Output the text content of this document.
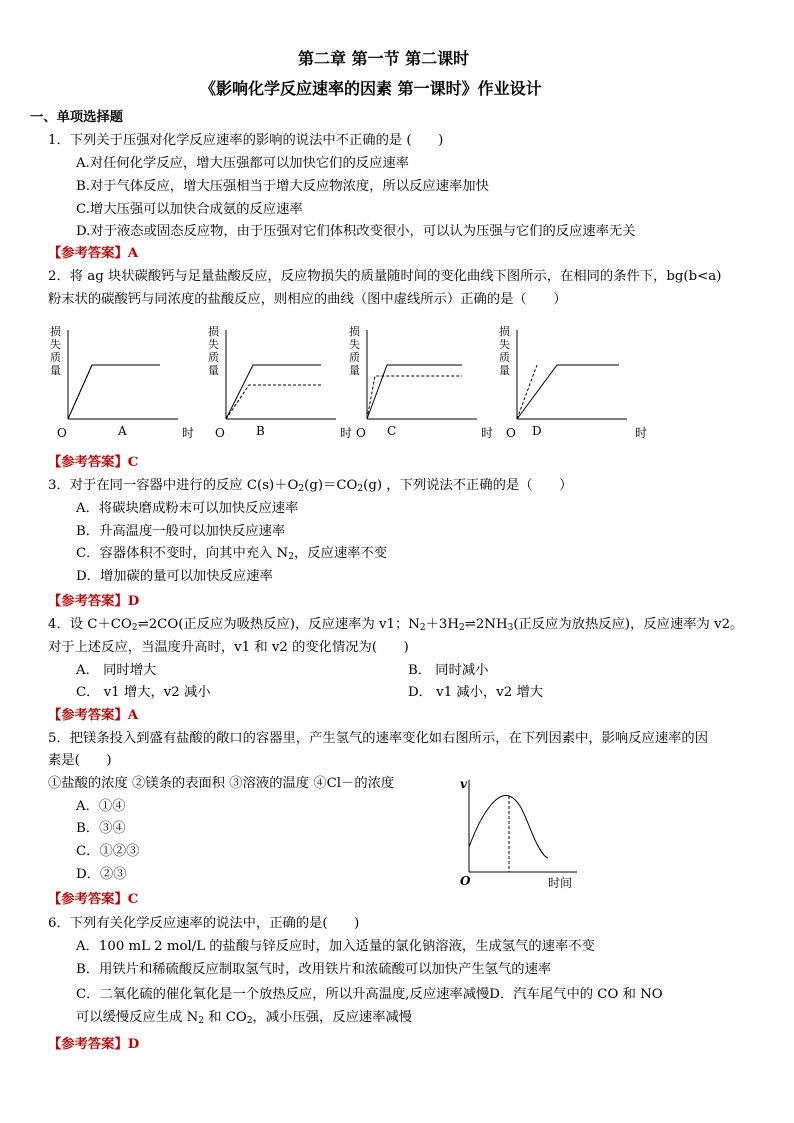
第二章 第一节 第二课时
《影响化学反应速率的因素 第一课时》作业设计
一、单项选择题
1．下列关于压强对化学反应速率的影响的说法中不正确的是 (　　)
A.对任何化学反应，增大压强都可以加快它们的反应速率
B.对于气体反应，增大压强相当于增大反应物浓度，所以反应速率加快
C.增大压强可以加快合成氨的反应速率
D.对于液态或固态反应物，由于压强对它们体积改变很小，可以认为压强与它们的反应速率无关
【参考答案】A
2．将 ag 块状碳酸钙与足量盐酸反应，反应物损失的质量随时间的变化曲线下图所示，在相同的条件下，bg(b<a)
粉末状的碳酸钙与同浓度的盐酸反应，则相应的曲线（图中虚线所示）正确的是（　　）
损失质量
O	A	时
损失质量
O	B	时
损失质量
O C	时
损失质量
O D	时
【参考答案】C
3．对于在同一容器中进行的反应 $C(s)+O_2(g)=CO_2(g)$ ，下列说法不正确的是（　　）
A．将碳块磨成粉末可以加快反应速率
B．升高温度一般可以加快反应速率
C．容器体积不变时，向其中充入 $N_2$，反应速率不变
D．增加碳的量可以加快反应速率
【参考答案】D
4．设 $C+CO_2\rightleftharpoons 2CO$(正反应为吸热反应)，反应速率为 v1；$N_2+3H_2\rightleftharpoons 2NH_3$(正反应为放热反应)，反应速率为 v2。
对于上述反应，当温度升高时，v1 和 v2 的变化情况为(　　)
A． 同时增大	B． 同时减小
C． v1 增大，v2 减小	D． v1 减小，v2 增大
【参考答案】A
5．把镁条投入到盛有盐酸的敞口的容器里，产生氢气的速率变化如右图所示，在下列因素中，影响反应速率的因
素是(　　)
①盐酸的浓度 ②镁条的表面积 ③溶液的温度 ④Cl－的浓度
A．①④
B．③④
C．①②③
D．②③
【参考答案】C
v
O	时间
6．下列有关化学反应速率的说法中，正确的是(　　)
A．100 mL 2 mol/L 的盐酸与锌反应时，加入适量的氯化钠溶液，生成氢气的速率不变
B．用铁片和稀硫酸反应制取氢气时，改用铁片和浓硫酸可以加快产生氢气的速率
C．二氧化硫的催化氧化是一个放热反应，所以升高温度,反应速率减慢D．汽车尾气中的 CO 和 NO
可以缓慢反应生成 $N_2$ 和 $CO_2$，减小压强，反应速率减慢
【参考答案】D
